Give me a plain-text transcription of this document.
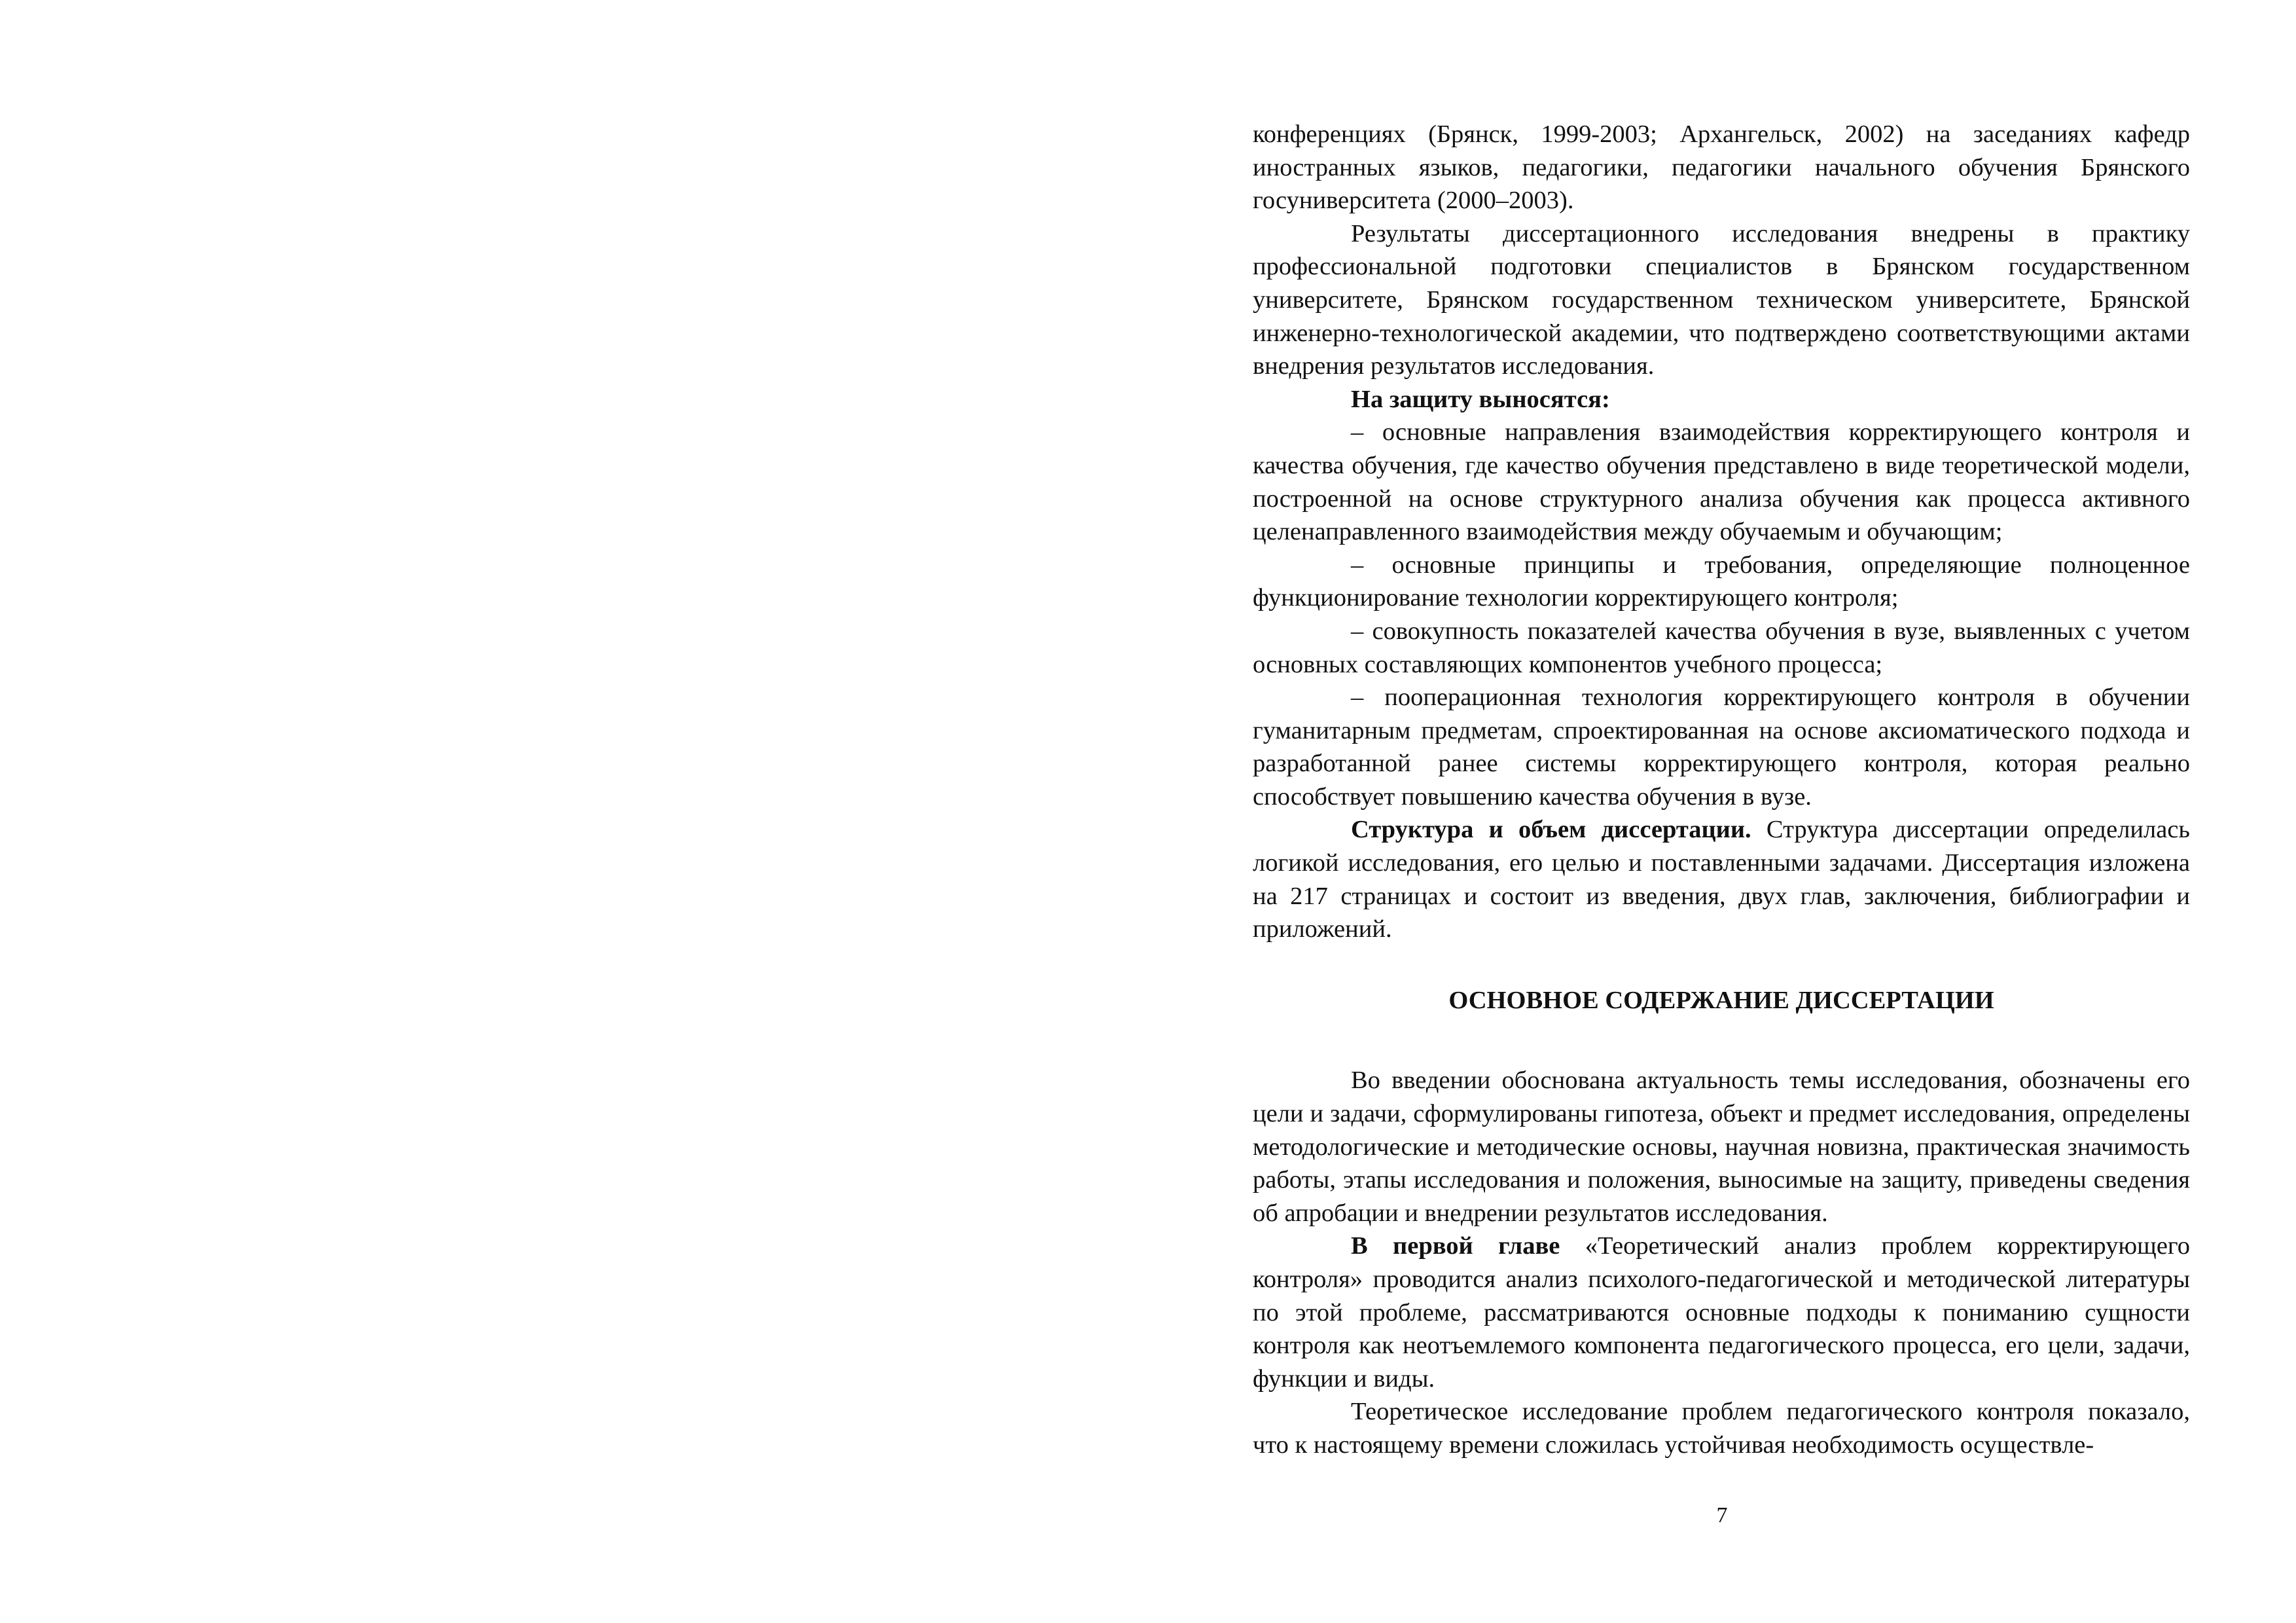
конференциях (Брянск, 1999-2003; Архангельск, 2002) на заседаниях кафедр иностранных языков, педагогики, педагогики начального обучения Брянского госуниверситета (2000–2003).

Результаты диссертационного исследования внедрены в практику профессиональной подготовки специалистов в Брянском государственном университете, Брянском государственном техническом университете, Брянской инженерно-технологической академии, что подтверждено соответствующими актами внедрения результатов исследования.

На защиту выносятся:

– основные направления взаимодействия корректирующего контроля и качества обучения, где качество обучения представлено в виде теоретической модели, построенной на основе структурного анализа обучения как процесса активного целенаправленного взаимодействия между обучаемым и обучающим;

– основные принципы и требования, определяющие полноценное функционирование технологии корректирующего контроля;

– совокупность показателей качества обучения в вузе, выявленных с учетом основных составляющих компонентов учебного процесса;

– пооперационная технология корректирующего контроля в обучении гуманитарным предметам, спроектированная на основе аксиоматического подхода и разработанной ранее системы корректирующего контроля, которая реально способствует повышению качества обучения в вузе.

Структура и объем диссертации. Структура диссертации определилась логикой исследования, его целью и поставленными задачами. Диссертация изложена на 217 страницах и состоит из введения, двух глав, заключения, библиографии и приложений.

ОСНОВНОЕ СОДЕРЖАНИЕ ДИССЕРТАЦИИ

Во введении обоснована актуальность темы исследования, обозначены его цели и задачи, сформулированы гипотеза, объект и предмет исследования, определены методологические и методические основы, научная новизна, практическая значимость работы, этапы исследования и положения, выносимые на защиту, приведены сведения об апробации и внедрении результатов исследования.

В первой главе «Теоретический анализ проблем корректирующего контроля» проводится анализ психолого-педагогической и методической литературы по этой проблеме, рассматриваются основные подходы к пониманию сущности контроля как неотъемлемого компонента педагогического процесса, его цели, задачи, функции и виды.

Теоретическое исследование проблем педагогического контроля показало, что к настоящему времени сложилась устойчивая необходимость осуществле-

7
